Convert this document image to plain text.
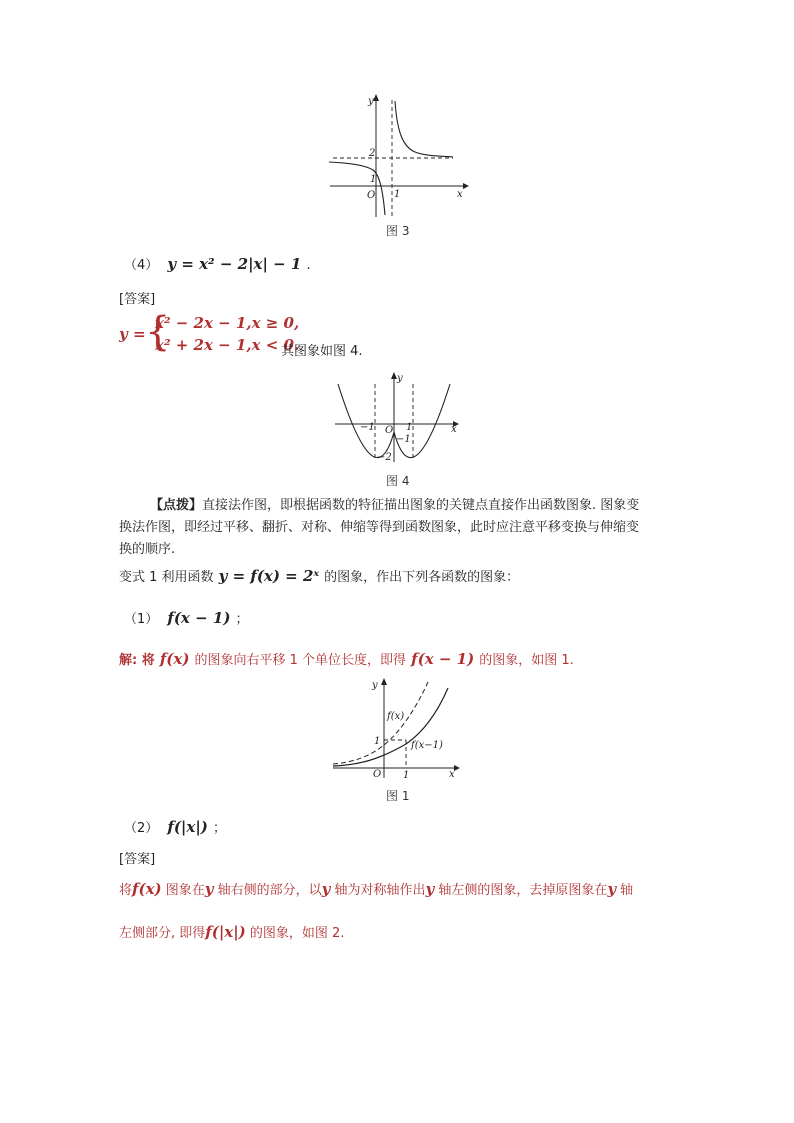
y
x
O
2
1
1
图 3
（4） y = x² − 2|x| − 1 .
[答案]
y = {
x² − 2x − 1,x ≥ 0,
x² + 2x − 1,x < 0.
其图象如图 4.
y
x
O
−1	1
−1
−2
图 4
【点拨】直接法作图，即根据函数的特征描出图象的关键点直接作出函数图象. 图象变
换法作图，即经过平移、翻折、对称、伸缩等得到函数图象，此时应注意平移变换与伸缩变
换的顺序.
变式 1 利用函数 y = f(x) = 2ˣ 的图象，作出下列各函数的图象：
（1） f(x − 1) ；
解: 将 f(x) 的图象向右平移 1 个单位长度，即得 f(x − 1) 的图象，如图 1.
y
x
O
1
1
f(x)
f(x−1)
图 1
（2） f(|x|) ；
[答案]
将f(x) 图象在y 轴右侧的部分，以y 轴为对称轴作出y 轴左侧的图象，去掉原图象在y 轴
左侧部分, 即得f(|x|) 的图象，如图 2.
